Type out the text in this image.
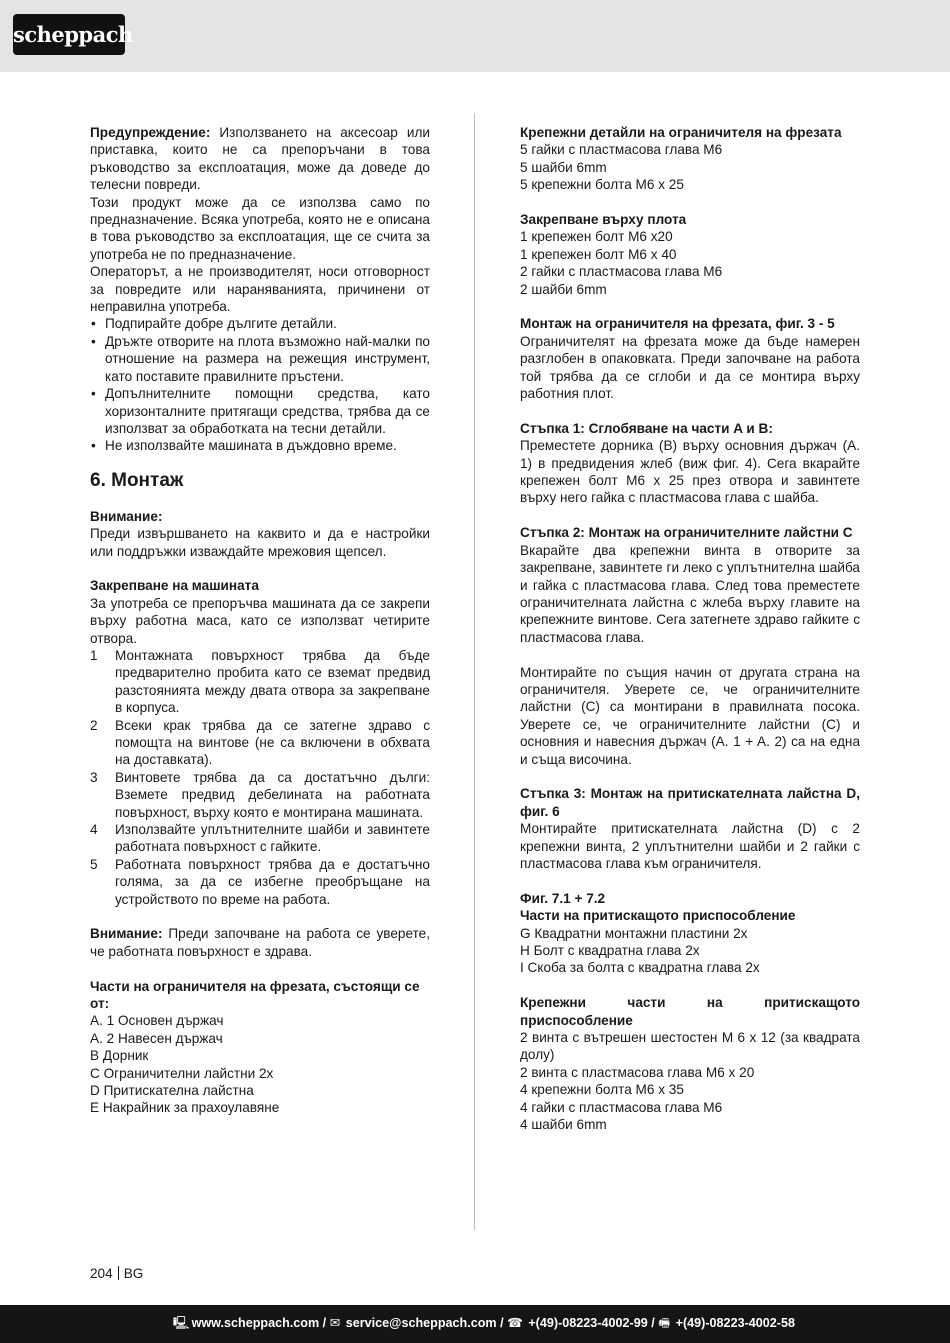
scheppach

Предупреждение: Използването на аксесоар или приставка, които не са препоръчани в това ръководство за експлоатация, може да доведе до телесни повреди.

Този продукт може да се използва само по предназначение. Всяка употреба, която не е описана в това ръководство за експлоатация, ще се счита за употреба не по предназначение.

Операторът, а не производителят, носи отговорност за повредите или нараняванията, причинени от неправилна употреба.

• Подпирайте добре дългите детайли.

• Дръжте отворите на плота възможно най-малки по отношение на размера на режещия инструмент, като поставите правилните пръстени.

• Допълнителните помощни средства, като хоризонталните притягащи средства, трябва да се използват за обработката на тесни детайли.

• Не използвайте машината в дъждовно време.

6. Монтаж

Внимание:

Преди извършването на каквито и да е настройки или поддръжки изваждайте мрежовия щепсел.

Закрепване на машината

За употреба се препоръчва машината да се закрепи върху работна маса, като се използват четирите отвора.

1	Монтажната повърхност трябва да бъде предварително пробита като се вземат предвид разстоянията между двата отвора за закрепване в корпуса.
2	Всеки крак трябва да се затегне здраво с помощта на винтове (не са включени в обхвата на доставката).
3	Винтовете трябва да са достатъчно дълги: Вземете предвид дебелината на работната повърхност, върху която е монтирана машината.
4	Използвайте уплътнителните шайби и завинтете работната повърхност с гайките.
5	Работната повърхност трябва да е достатъчно голяма, за да се избегне преобръщане на устройството по време на работа.

Внимание: Преди започване на работа се уверете, че работната повърхност е здрава.

Части на ограничителя на фрезата, състоящи се от:

A. 1 Основен държач

A. 2 Навесен държач

B Дорник

C Ограничителни лайстни 2x

D Притискателна лайстна

E Накрайник за прахоулавяне

Крепежни детайли на ограничителя на фрезата

5 гайки с пластмасова глава M6

5 шайби 6mm

5 крепежни болта M6 x 25

Закрепване върху плота

1 крепежен болт M6 x20

1 крепежен болт M6 x 40

2 гайки с пластмасова глава M6

2 шайби 6mm

Монтаж на ограничителя на фрезата, фиг. 3 - 5

Ограничителят на фрезата може да бъде намерен разглобен в опаковката. Преди започване на работа той трябва да се сглоби и да се монтира върху работния плот.

Стъпка 1: Сглобяване на части A и B:

Преместете дорника (B) върху основния държач (A. 1) в предвидения жлеб (виж фиг. 4). Сега вкарайте крепежен болт M6 x 25 през отвора и завинтете върху него гайка с пластмасова глава с шайба.

Стъпка 2: Монтаж на ограничителните лайстни C

Вкарайте два крепежни винта в отворите за закрепване, завинтете ги леко с уплътнителна шайба и гайка с пластмасова глава. След това преместете ограничителната лайстна с жлеба върху главите на крепежните винтове. Сега затегнете здраво гайките с пластмасова глава.

Монтирайте по същия начин от другата страна на ограничителя. Уверете се, че ограничителните лайстни (C) са монтирани в правилната посока. Уверете се, че ограничителните лайстни (C) и основния и навесния държач (A. 1 + A. 2) са на една и съща височина.

Стъпка 3: Монтаж на притискателната лайстна D, фиг. 6

Монтирайте притискателната лайстна (D) с 2 крепежни винта, 2 уплътнителни шайби и 2 гайки с пластмасова глава към ограничителя.

Фиг. 7.1 + 7.2

Части на притискащото приспособление

G Квадратни монтажни пластини 2x

H Болт с квадратна глава 2x

I Скоба за болта с квадратна глава 2x

Крепежни части на притискащото приспособление

2 винта с вътрешен шестостен M 6 x 12 (за квадрата долу)

2 винта с пластмасова глава M6 x 20

4 крепежни болта M6 x 35

4 гайки с пластмасова глава M6

4 шайби 6mm

204 BG
🖳 www.scheppach.com / ✉ service@scheppach.com / ☎ +(49)-08223-4002-99 / 🖷 +(49)-08223-4002-58
